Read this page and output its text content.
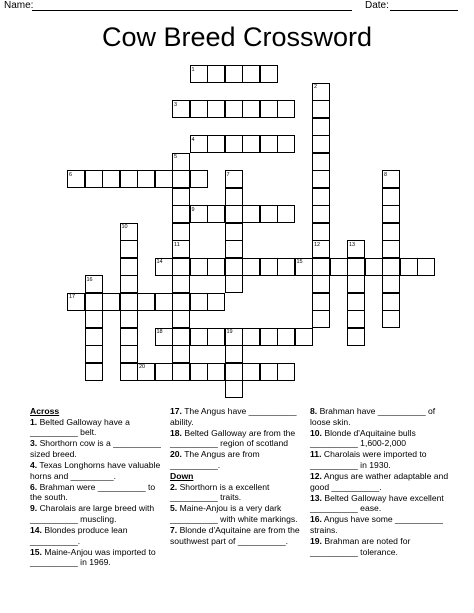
Name:	Date:
Cow Breed Crossword
1
3
4
5
6	7	8
9
2
10
11	12	13
14	15
16
17
18	19
20
Across
1. Belted Galloway have a __________ belt.
3. Shorthorn cow is a __________ sized breed.
4. Texas Longhorns have valuable horns and _________.
6. Brahman were __________ to the south.
9. Charolais are large breed with __________ muscling.
14. Blondes produce lean __________.
15. Maine-Anjou was imported to __________ in 1969.
17. The Angus have __________ ability.
18. Belted Galloway are from the __________ region of scotland
20. The Angus are from __________.
Down
2. Shorthorn is a excellent __________ traits.
5. Maine-Anjou is a very dark __________ with white markings.
7. Blonde d'Aquitaine are from the southwest part of __________.
8. Brahman have __________ of loose skin.
10. Blonde d'Aquitaine bulls __________ 1,600-2,000
11. Charolais were imported to __________ in 1930.
12. Angus are wather adaptable and good __________.
13. Belted Galloway have excellent __________ ease.
16. Angus have some __________ strains.
19. Brahman are noted for __________ tolerance.
